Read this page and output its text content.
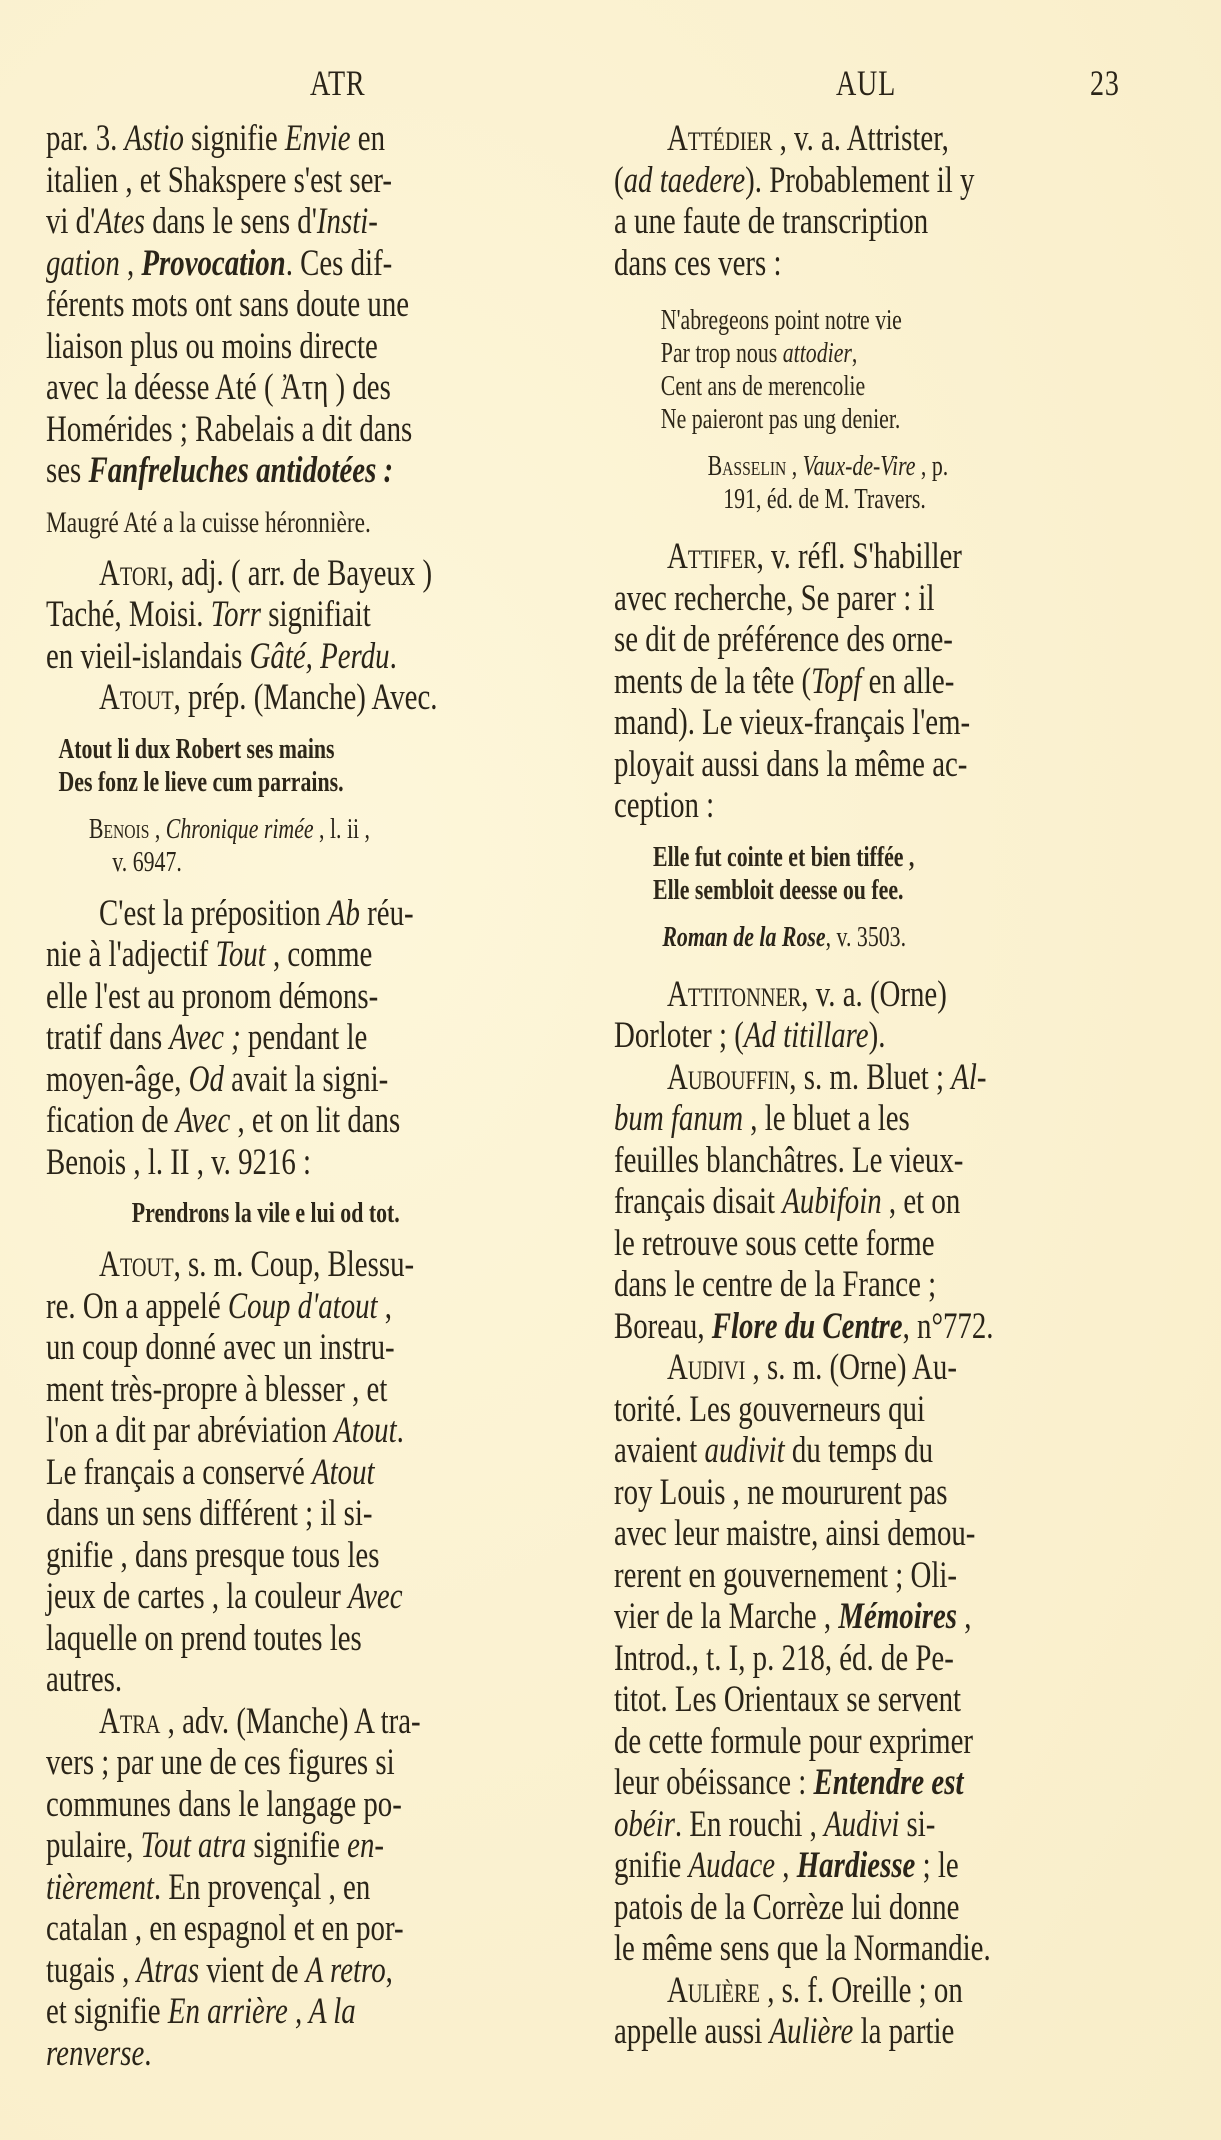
ATR	AUL	23
par. 3. Astio signifie Envie en
italien , et Shakspere s'est ser-
vi d'Ates dans le sens d'Insti-
gation , Provocation. Ces dif-
férents mots ont sans doute une
liaison plus ou moins directe
avec la déesse Até ( Ἀτη ) des
Homérides ; Rabelais a dit dans
ses Fanfreluches antidotées :
Maugré Até a la cuisse héronnière.
Atori, adj. ( arr. de Bayeux )
Taché, Moisi. Torr signifiait
en vieil-islandais Gâté, Perdu.
Atout, prép. (Manche) Avec.
Atout li dux Robert ses mains
Des fonz le lieve cum parrains.
Benois , Chronique rimée , l. ii ,
v. 6947.
C'est la préposition Ab réu-
nie à l'adjectif Tout , comme
elle l'est au pronom démons-
tratif dans Avec ; pendant le
moyen-âge, Od avait la signi-
fication de Avec , et on lit dans
Benois , l. II , v. 9216 :
Prendrons la vile e lui od tot.
Atout, s. m. Coup, Blessu-
re. On a appelé Coup d'atout ,
un coup donné avec un instru-
ment très-propre à blesser , et
l'on a dit par abréviation Atout.
Le français a conservé Atout
dans un sens différent ; il si-
gnifie , dans presque tous les
jeux de cartes , la couleur Avec
laquelle on prend toutes les
autres.
Atra , adv. (Manche) A tra-
vers ; par une de ces figures si
communes dans le langage po-
pulaire, Tout atra signifie en-
tièrement. En provençal , en
catalan , en espagnol et en por-
tugais , Atras vient de A retro,
et signifie En arrière , A la
renverse.
Attédier , v. a. Attrister,
(ad taedere). Probablement il y
a une faute de transcription
dans ces vers :
N'abregeons point notre vie
Par trop nous attodier,
Cent ans de merencolie
Ne paieront pas ung denier.
Basselin , Vaux-de-Vire , p.
191, éd. de M. Travers.
Attifer, v. réfl. S'habiller
avec recherche, Se parer : il
se dit de préférence des orne-
ments de la tête (Topf en alle-
mand). Le vieux-français l'em-
ployait aussi dans la même ac-
ception :
Elle fut cointe et bien tiffée ,
Elle sembloit deesse ou fee.
Roman de la Rose, v. 3503.
Attitonner, v. a. (Orne)
Dorloter ; (Ad titillare).
Aubouffin, s. m. Bluet ; Al-
bum fanum , le bluet a les
feuilles blanchâtres. Le vieux-
français disait Aubifoin , et on
le retrouve sous cette forme
dans le centre de la France ;
Boreau, Flore du Centre, n°772.
Audivi , s. m. (Orne) Au-
torité. Les gouverneurs qui
avaient audivit du temps du
roy Louis , ne moururent pas
avec leur maistre, ainsi demou-
rerent en gouvernement ; Oli-
vier de la Marche , Mémoires ,
Introd., t. I, p. 218, éd. de Pe-
titot. Les Orientaux se servent
de cette formule pour exprimer
leur obéissance : Entendre est
obéir. En rouchi , Audivi si-
gnifie Audace , Hardiesse ; le
patois de la Corrèze lui donne
le même sens que la Normandie.
Aulière , s. f. Oreille ; on
appelle aussi Aulière la partie
